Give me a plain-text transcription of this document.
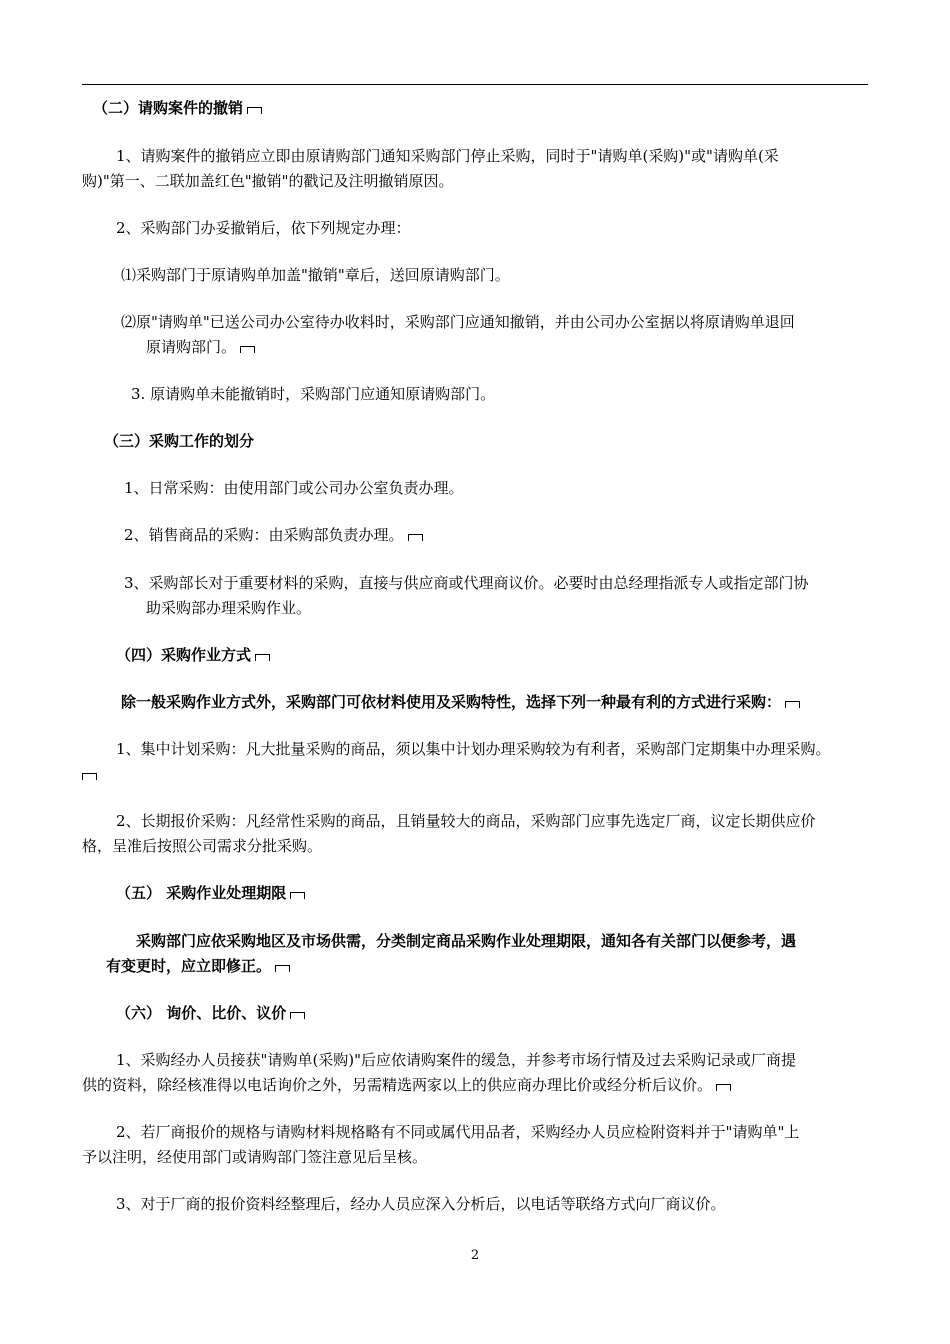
（二）请购案件的撤销
1、请购案件的撤销应立即由原请购部门通知采购部门停止采购，同时于"请购单(采购)"或"请购单(采
购)"第一、二联加盖红色"撤销"的戳记及注明撤销原因。
2、采购部门办妥撤销后，依下列规定办理：
⑴采购部门于原请购单加盖"撤销"章后，送回原请购部门。
⑵原"请购单"已送公司办公室待办收料时，采购部门应通知撤销，并由公司办公室据以将原请购单退回
原请购部门。
3. 原请购单未能撤销时，采购部门应通知原请购部门。
（三）采购工作的划分
1、日常采购：由使用部门或公司办公室负责办理。
2、销售商品的采购：由采购部负责办理。
3、采购部长对于重要材料的采购，直接与供应商或代理商议价。必要时由总经理指派专人或指定部门协
助采购部办理采购作业。
（四）采购作业方式
除一般采购作业方式外，采购部门可依材料使用及采购特性，选择下列一种最有利的方式进行采购：
1、集中计划采购：凡大批量采购的商品，须以集中计划办理采购较为有利者，采购部门定期集中办理采购。
2、长期报价采购：凡经常性采购的商品，且销量较大的商品，采购部门应事先选定厂商，议定长期供应价
格，呈准后按照公司需求分批采购。
（五） 采购作业处理期限
采购部门应依采购地区及市场供需，分类制定商品采购作业处理期限，通知各有关部门以便参考，遇
有变更时，应立即修正。
（六） 询价、比价、议价
1、采购经办人员接获"请购单(采购)"后应依请购案件的缓急，并参考市场行情及过去采购记录或厂商提
供的资料，除经核准得以电话询价之外，另需精选两家以上的供应商办理比价或经分析后议价。
2、若厂商报价的规格与请购材料规格略有不同或属代用品者，采购经办人员应检附资料并于"请购单"上
予以注明，经使用部门或请购部门签注意见后呈核。
3、对于厂商的报价资料经整理后，经办人员应深入分析后，以电话等联络方式向厂商议价。
2
